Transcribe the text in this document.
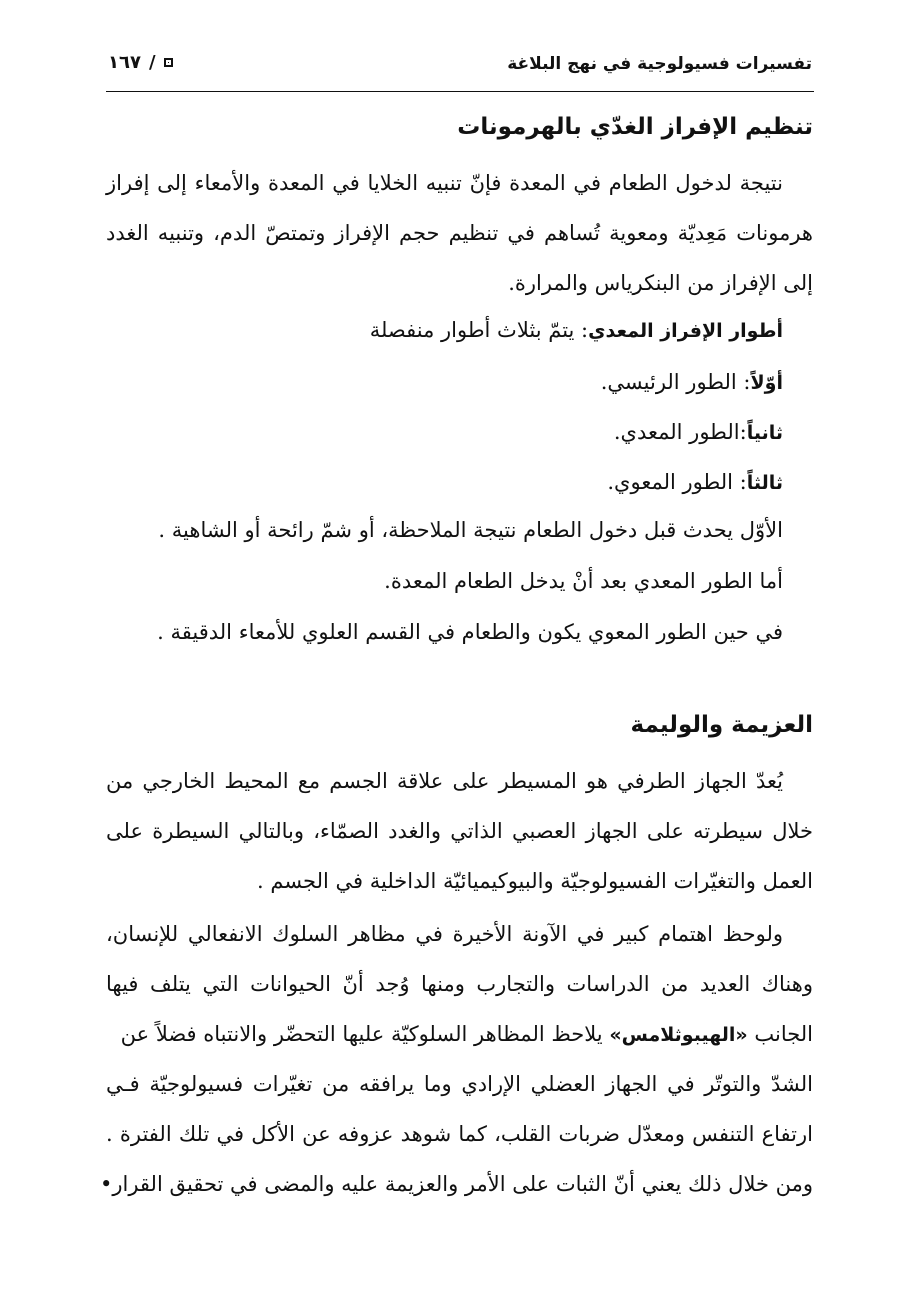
تفسيرات فسيولوجية في نهج البلاغة
١٦٧ /
تنظيم الإفراز الغدّي بالهرمونات
نتيجة لدخول الطعام في المعدة فإنّ تنبيه الخلايا في المعدة والأمعاء إلى إفراز
هرمونات مَعِديّة ومعوية تُساهم في تنظيم حجم الإفراز وتمتصّ الدم، وتنبيه الغدد
إلى الإفراز من البنكرياس والمرارة.
أطوار الإفراز المعدي: يتمّ بثلاث أطوار منفصلة
أوّلاً: الطور الرئيسي.
ثانياً:الطور المعدي.
ثالثاً: الطور المعوي.
الأوّل يحدث قبل دخول الطعام نتيجة الملاحظة، أو شمّ رائحة أو الشاهية .
أما الطور المعدي بعد أنْ يدخل الطعام المعدة.
في حين الطور المعوي يكون والطعام في القسم العلوي للأمعاء الدقيقة .
العزيمة والوليمة
يُعدّ الجهاز الطرفي هو المسيطر على علاقة الجسم مع المحيط الخارجي من
خلال سيطرته على الجهاز العصبي الذاتي والغدد الصمّاء، وبالتالي السيطرة على
العمل والتغيّرات الفسيولوجيّة والبيوكيميائيّة الداخلية في الجسم .
ولوحظ اهتمام كبير في الآونة الأخيرة في مظاهر السلوك الانفعالي للإنسان،
وهناك العديد من الدراسات والتجارب ومنها وُجد أنّ الحيوانات التي يتلف فيها
الجانب «الهيبوثلامس» يلاحظ المظاهر السلوكيّة عليها التحضّر والانتباه فضلاً عن
الشدّ والتوتّر في الجهاز العضلي الإرادي وما يرافقه من تغيّرات فسيولوجيّة فـي
ارتفاع التنفس ومعدّل ضربات القلب، كما شوهد عزوفه عن الأكل في تلك الفترة .
ومن خلال ذلك يعني أنّ الثبات على الأمر والعزيمة عليه والمضى في تحقيق القرار•
